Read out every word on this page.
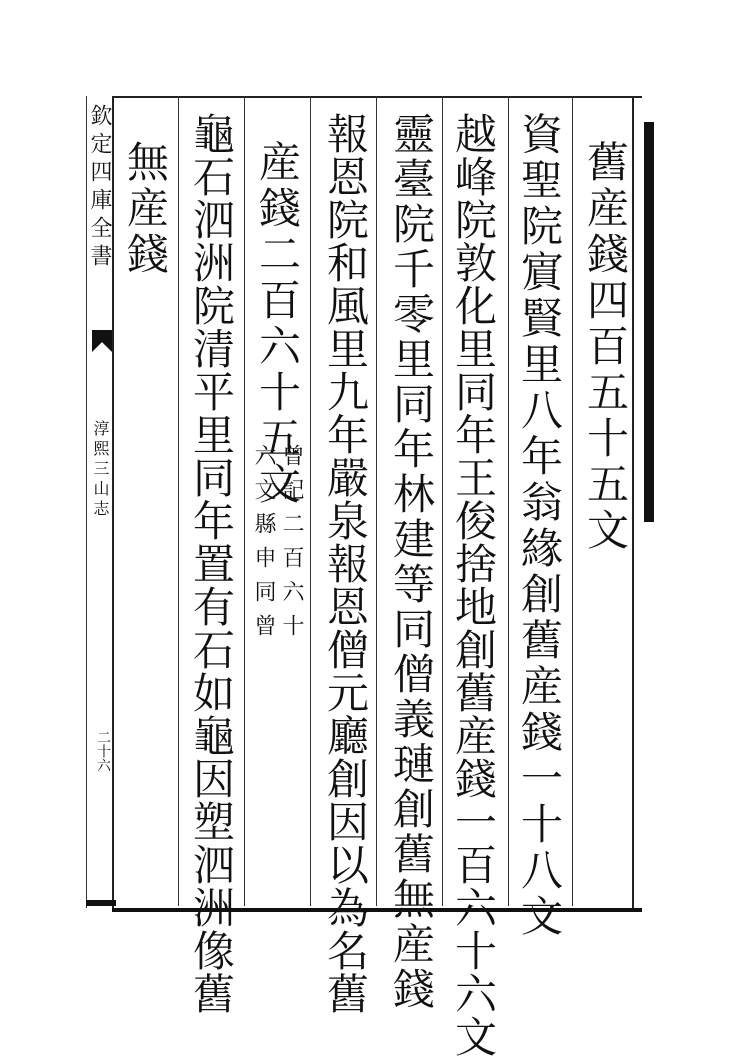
欽定四庫全書
淳熙三山志
二十六
舊産錢四百五十五文
資聖院賔賢里八年翁緣創舊産錢一十八文
越峰院敦化里同年王俊捨地創舊産錢一百六十六文
靈臺院千零里同年林建等同僧義璉創舊無産錢
報恩院和風里九年嚴泉報恩僧元廳創因以為名舊
産錢二百六十五文
曾記二百六十
六文縣申同曾
龜石泗洲院清平里同年置有石如龜因塑泗洲像舊
無産錢
